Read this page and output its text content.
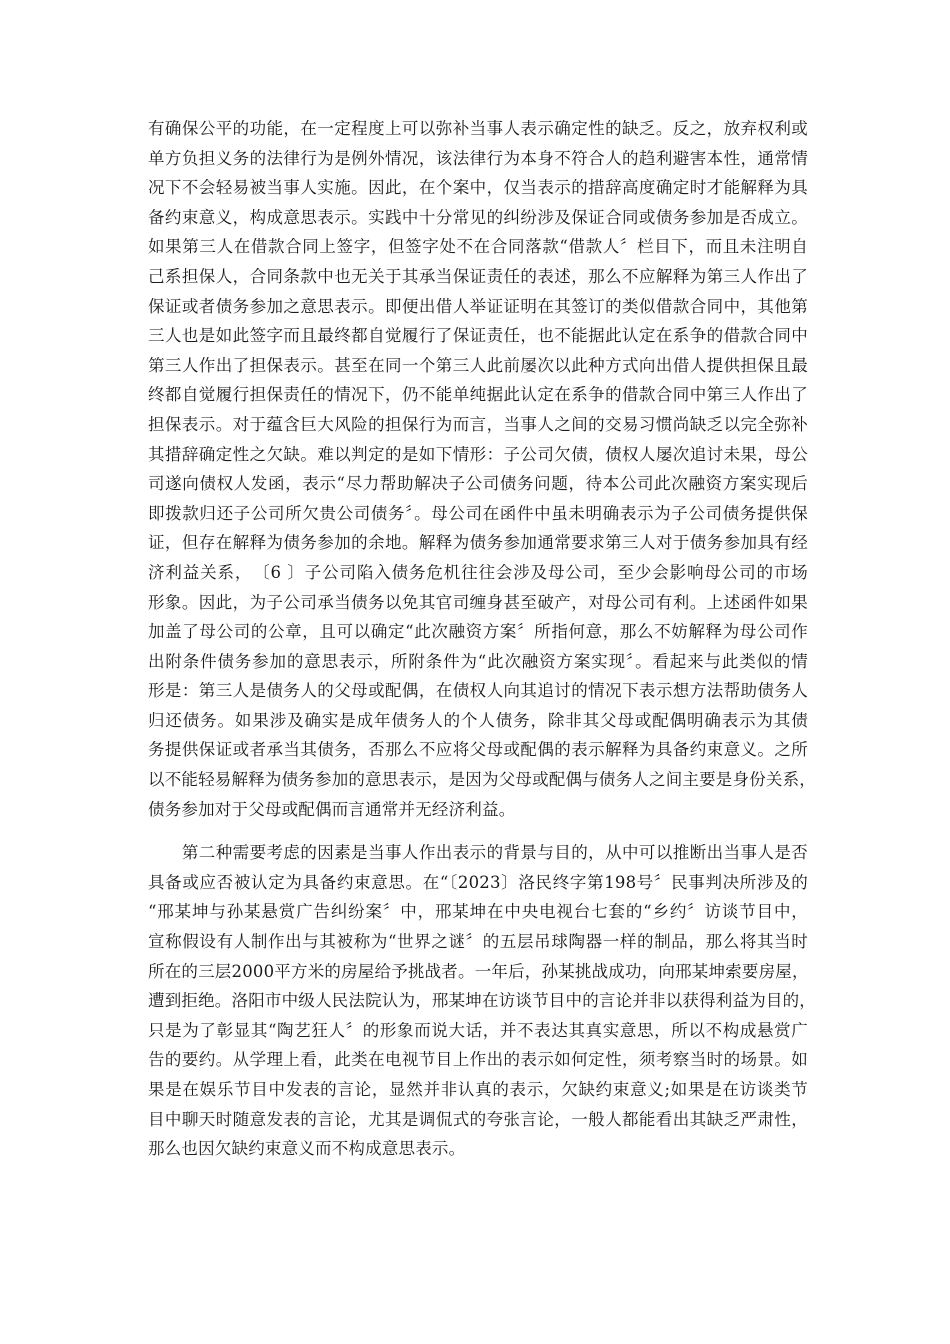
有确保公平的功能，在一定程度上可以弥补当事人表示确定性的缺乏。反之，放弃权利或
单方负担义务的法律行为是例外情况，该法律行为本身不符合人的趋利避害本性，通常情
况下不会轻易被当事人实施。因此，在个案中，仅当表示的措辞高度确定时才能解释为具
备约束意义，构成意思表示。实践中十分常见的纠纷涉及保证合同或债务参加是否成立。
如果第三人在借款合同上签字，但签字处不在合同落款“借款人〞栏目下，而且未注明自
己系担保人，合同条款中也无关于其承当保证责任的表述，那么不应解释为第三人作出了
保证或者债务参加之意思表示。即便出借人举证证明在其签订的类似借款合同中，其他第
三人也是如此签字而且最终都自觉履行了保证责任，也不能据此认定在系争的借款合同中
第三人作出了担保表示。甚至在同一个第三人此前屡次以此种方式向出借人提供担保且最
终都自觉履行担保责任的情况下，仍不能单纯据此认定在系争的借款合同中第三人作出了
担保表示。对于蕴含巨大风险的担保行为而言，当事人之间的交易习惯尚缺乏以完全弥补
其措辞确定性之欠缺。难以判定的是如下情形：子公司欠债，债权人屡次追讨未果，母公
司遂向债权人发函，表示“尽力帮助解决子公司债务问题，待本公司此次融资方案实现后
即拨款归还子公司所欠贵公司债务〞。母公司在函件中虽未明确表示为子公司债务提供保
证，但存在解释为债务参加的余地。解释为债务参加通常要求第三人对于债务参加具有经
济利益关系，　〔6 〕子公司陷入债务危机往往会涉及母公司，至少会影响母公司的市场
形象。因此，为子公司承当债务以免其官司缠身甚至破产，对母公司有利。上述函件如果
加盖了母公司的公章，且可以确定“此次融资方案〞所指何意，那么不妨解释为母公司作
出附条件债务参加的意思表示，所附条件为“此次融资方案实现〞。看起来与此类似的情
形是：第三人是债务人的父母或配偶，在债权人向其追讨的情况下表示想方法帮助债务人
归还债务。如果涉及确实是成年债务人的个人债务，除非其父母或配偶明确表示为其债
务提供保证或者承当其债务，否那么不应将父母或配偶的表示解释为具备约束意义。之所
以不能轻易解释为债务参加的意思表示，是因为父母或配偶与债务人之间主要是身份关系，
债务参加对于父母或配偶而言通常并无经济利益。
　　第二种需要考虑的因素是当事人作出表示的背景与目的，从中可以推断出当事人是否
具备或应否被认定为具备约束意思。在“〔2023〕洛民终字第198号〞民事判决所涉及的
“邢某坤与孙某悬赏广告纠纷案〞中，邢某坤在中央电视台七套的“乡约〞访谈节目中，
宣称假设有人制作出与其被称为“世界之谜〞的五层吊球陶器一样的制品，那么将其当时
所在的三层2000平方米的房屋给予挑战者。一年后，孙某挑战成功，向邢某坤索要房屋，
遭到拒绝。洛阳市中级人民法院认为，邢某坤在访谈节目中的言论并非以获得利益为目的，
只是为了彰显其“陶艺狂人〞的形象而说大话，并不表达其真实意思，所以不构成悬赏广
告的要约。从学理上看，此类在电视节目上作出的表示如何定性，须考察当时的场景。如
果是在娱乐节目中发表的言论，显然并非认真的表示，欠缺约束意义;如果是在访谈类节
目中聊天时随意发表的言论，尤其是调侃式的夸张言论，一般人都能看出其缺乏严肃性，
那么也因欠缺约束意义而不构成意思表示。
